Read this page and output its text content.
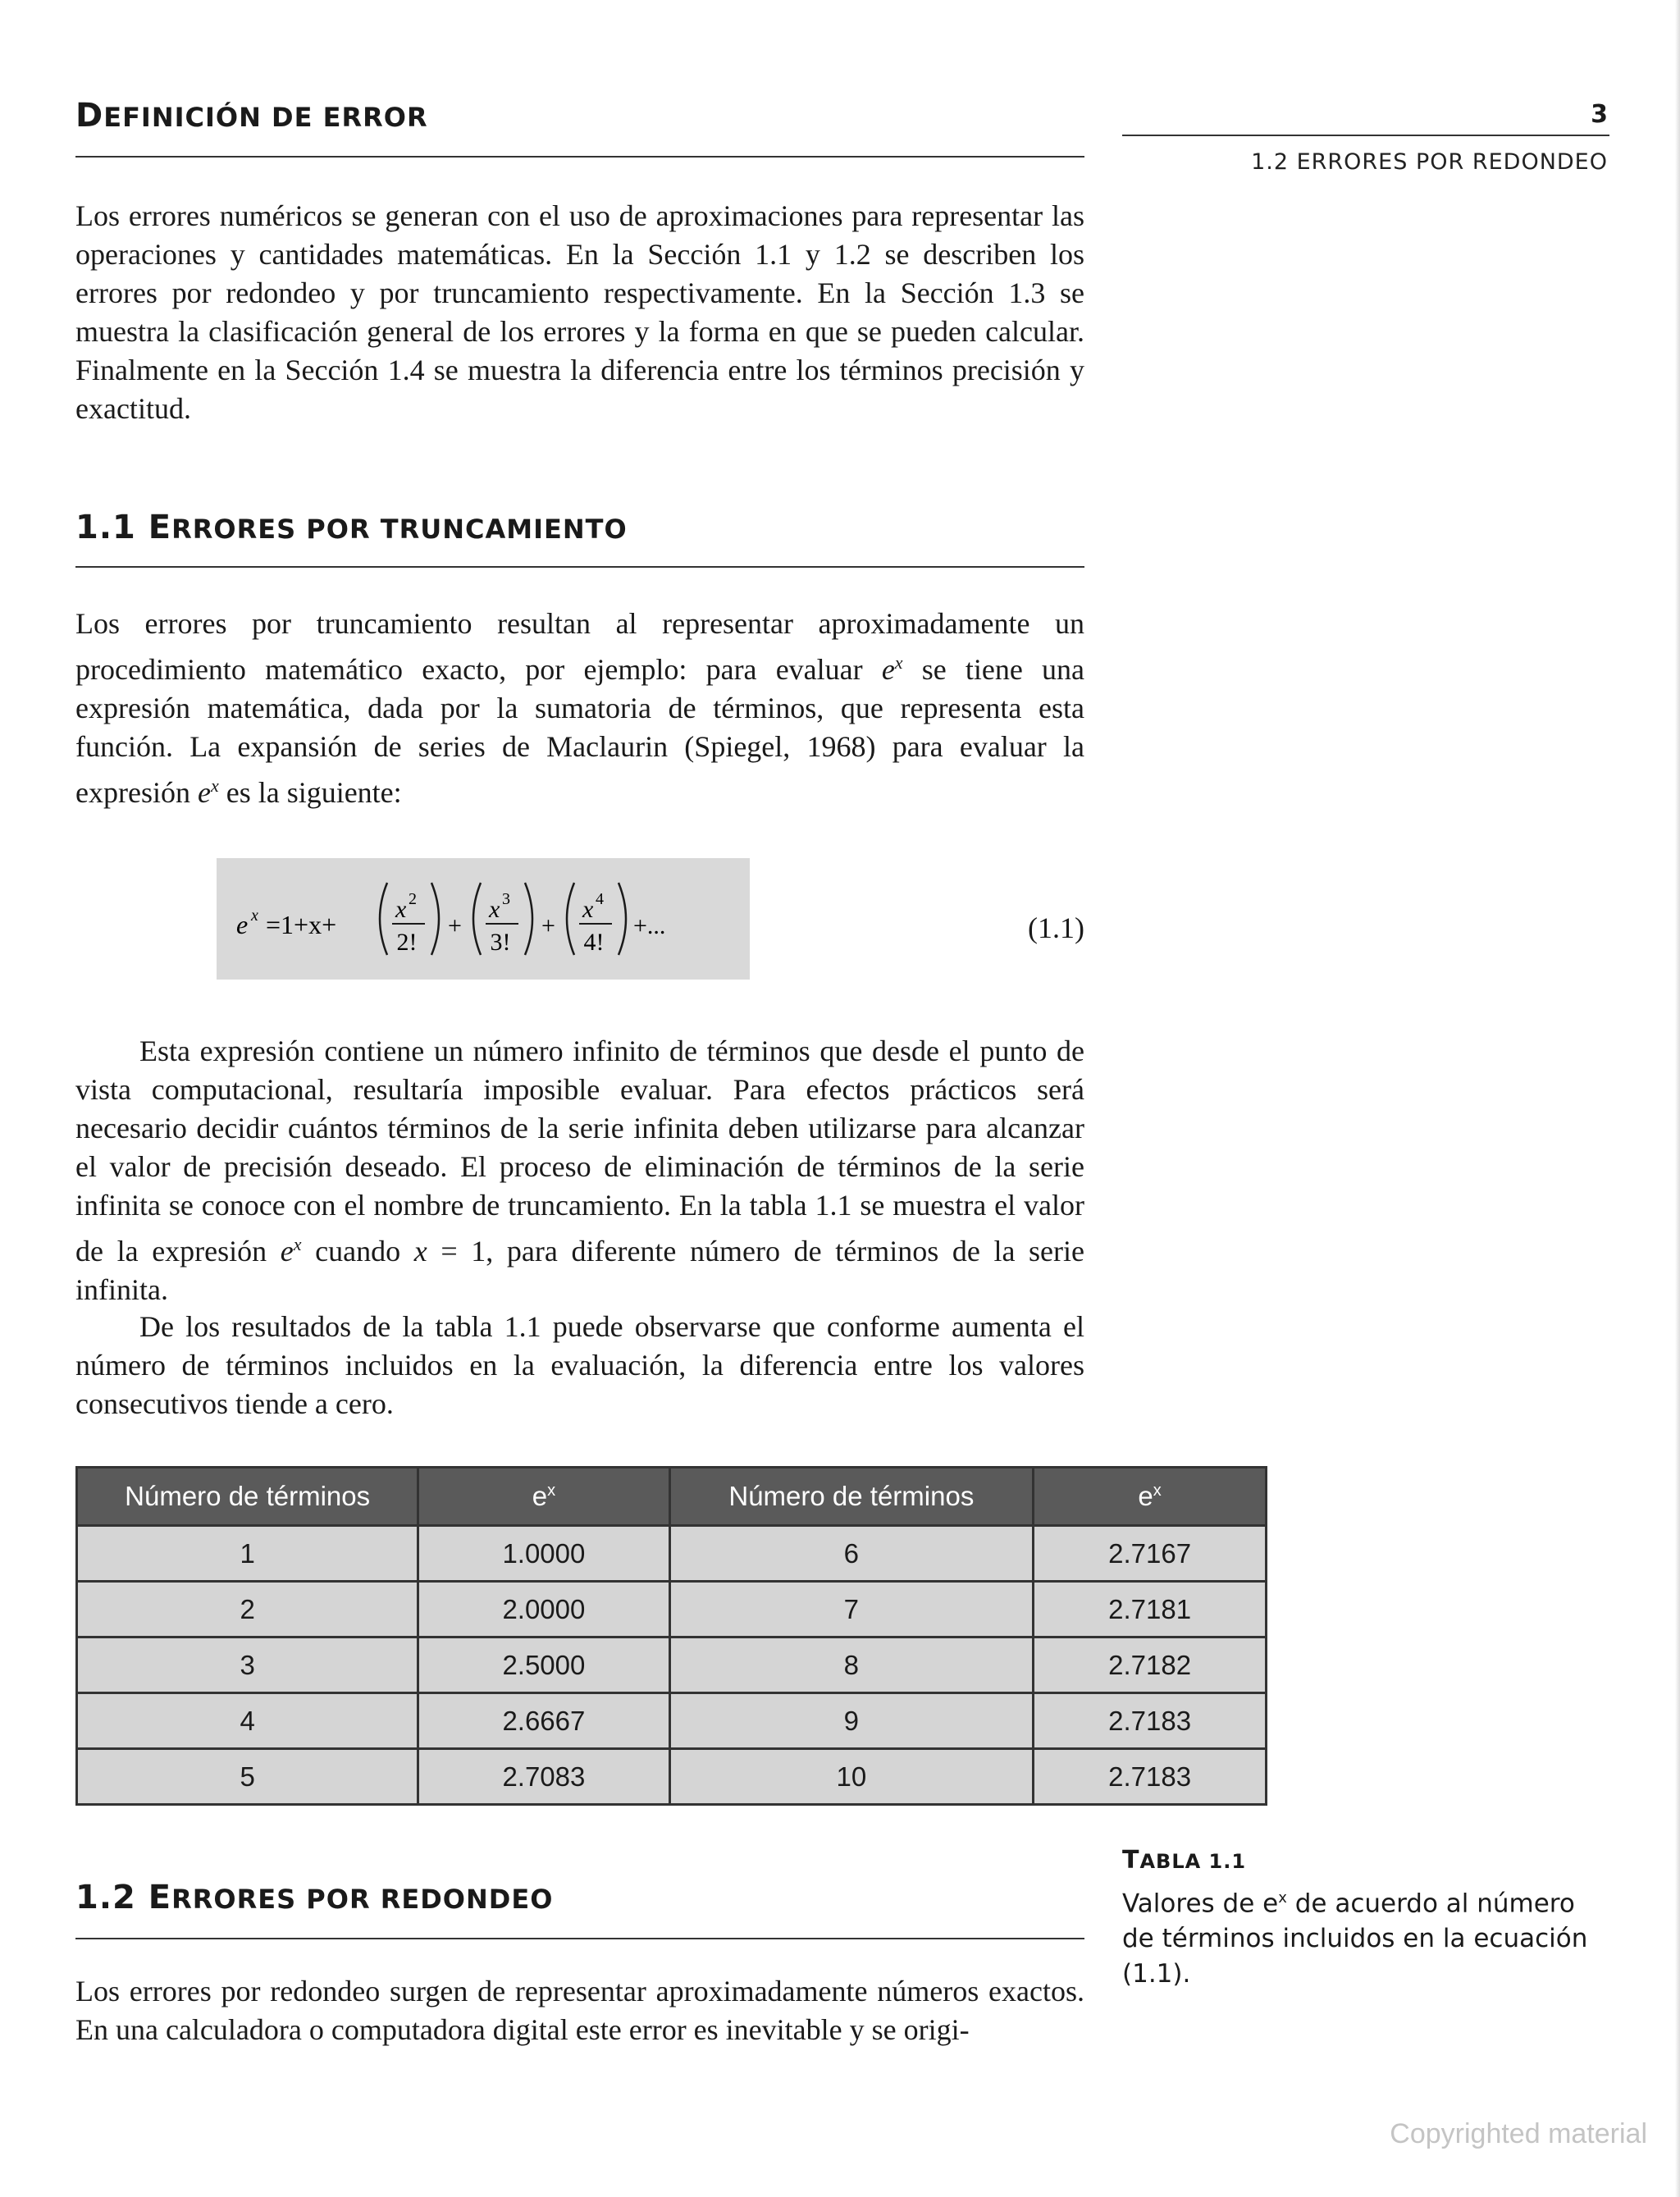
DEFINICIÓN DE ERROR	3
1.2 ERRORES POR REDONDEO
Los errores numéricos se generan con el uso de aproximaciones para representar las operaciones y cantidades matemáticas. En la Sección 1.1 y 1.2 se describen los errores por redondeo y por truncamiento respectivamente. En la Sección 1.3 se muestra la clasificación general de los errores y la forma en que se pueden calcular. Finalmente en la Sección 1.4 se muestra la diferencia entre los términos precisión y exactitud.
1.1 ERRORES POR TRUNCAMIENTO
Los errores por truncamiento resultan al representar aproximadamente un procedimiento matemático exacto, por ejemplo: para evaluar $e^x$ se tiene una expresión matemática, dada por la sumatoria de términos, que representa esta función. La expansión de series de Maclaurin (Spiegel, 1968) para evaluar la expresión $e^x$ es la siguiente:
e x =1+x+
x 2
2!
+
x 3
3!
+
x 4
4!
+...	(1.1)
Esta expresión contiene un número infinito de términos que desde el punto de vista computacional, resultaría imposible evaluar. Para efectos prácticos será necesario decidir cuántos términos de la serie infinita deben utilizarse para alcanzar el valor de precisión deseado. El proceso de eliminación de términos de la serie infinita se conoce con el nombre de truncamiento. En la tabla 1.1 se muestra el valor de la expresión $e^x$ cuando x = 1, para diferente número de términos de la serie infinita.
De los resultados de la tabla 1.1 puede observarse que conforme aumenta el número de términos incluidos en la evaluación, la diferencia entre los valores consecutivos tiende a cero.
Número de términos	$e^x$	Número de términos	$e^x$
1	1.0000	6	2.7167
2	2.0000	7	2.7181
3	2.5000	8	2.7182
4	2.6667	9	2.7183
5	2.7083	10	2.7183
TABLA 1.1
Valores de $e^x$ de acuerdo al número de términos incluidos en la ecuación (1.1).
1.2 ERRORES POR REDONDEO
Los errores por redondeo surgen de representar aproximadamente números exactos. En una calculadora o computadora digital este error es inevitable y se origi-
Copyrighted material
